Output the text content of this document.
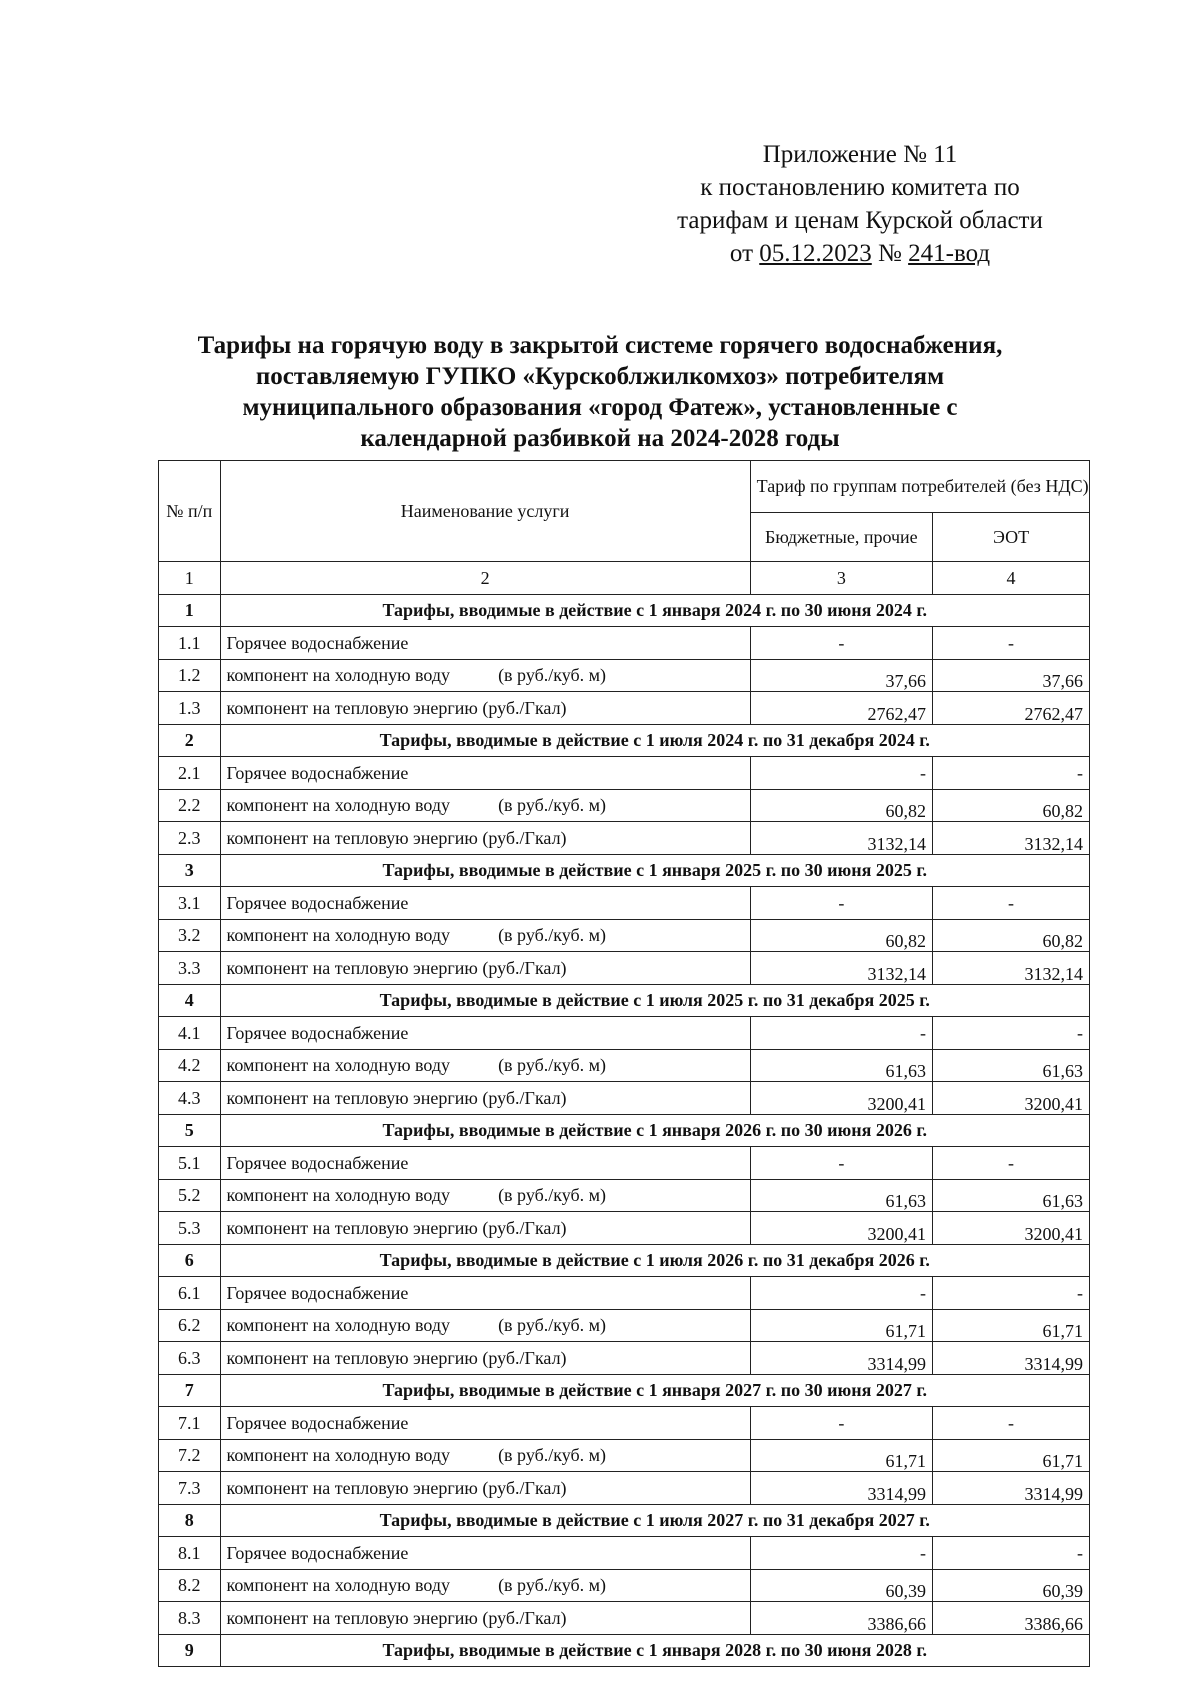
Приложение № 11
к постановлению комитета по
тарифам и ценам Курской области
от 05.12.2023 № 241-вод
Тарифы на горячую воду в закрытой системе горячего водоснабжения,
поставляемую ГУПКО «Курскоблжилкомхоз» потребителям
муниципального образования «город Фатеж», установленные с
календарной разбивкой на 2024-2028 годы
№ п/п	Наименование услуги	Тариф по группам потребителей (без НДС)	
		Бюджетные, прочие	ЭОТ
1	2	3	4
1	Тарифы, вводимые в действие с 1 января 2024 г. по 30 июня 2024 г.		
1.1	Горячее водоснабжение	-	-
1.2	компонент на холодную воду (в руб./куб. м)	37,66	37,66
1.3	компонент на тепловую энергию (руб./Гкал)	2762,47	2762,47
2	Тарифы, вводимые в действие с 1 июля 2024 г. по 31 декабря 2024 г.		
2.1	Горячее водоснабжение	-	-
2.2	компонент на холодную воду (в руб./куб. м)	60,82	60,82
2.3	компонент на тепловую энергию (руб./Гкал)	3132,14	3132,14
3	Тарифы, вводимые в действие с 1 января 2025 г. по 30 июня 2025 г.		
3.1	Горячее водоснабжение	-	-
3.2	компонент на холодную воду (в руб./куб. м)	60,82	60,82
3.3	компонент на тепловую энергию (руб./Гкал)	3132,14	3132,14
4	Тарифы, вводимые в действие с 1 июля 2025 г. по 31 декабря 2025 г.		
4.1	Горячее водоснабжение	-	-
4.2	компонент на холодную воду (в руб./куб. м)	61,63	61,63
4.3	компонент на тепловую энергию (руб./Гкал)	3200,41	3200,41
5	Тарифы, вводимые в действие с 1 января 2026 г. по 30 июня 2026 г.		
5.1	Горячее водоснабжение	-	-
5.2	компонент на холодную воду (в руб./куб. м)	61,63	61,63
5.3	компонент на тепловую энергию (руб./Гкал)	3200,41	3200,41
6	Тарифы, вводимые в действие с 1 июля 2026 г. по 31 декабря 2026 г.		
6.1	Горячее водоснабжение	-	-
6.2	компонент на холодную воду (в руб./куб. м)	61,71	61,71
6.3	компонент на тепловую энергию (руб./Гкал)	3314,99	3314,99
7	Тарифы, вводимые в действие с 1 января 2027 г. по 30 июня 2027 г.		
7.1	Горячее водоснабжение	-	-
7.2	компонент на холодную воду (в руб./куб. м)	61,71	61,71
7.3	компонент на тепловую энергию (руб./Гкал)	3314,99	3314,99
8	Тарифы, вводимые в действие с 1 июля 2027 г. по 31 декабря 2027 г.		
8.1	Горячее водоснабжение	-	-
8.2	компонент на холодную воду (в руб./куб. м)	60,39	60,39
8.3	компонент на тепловую энергию (руб./Гкал)	3386,66	3386,66
9	Тарифы, вводимые в действие с 1 января 2028 г. по 30 июня 2028 г.		
